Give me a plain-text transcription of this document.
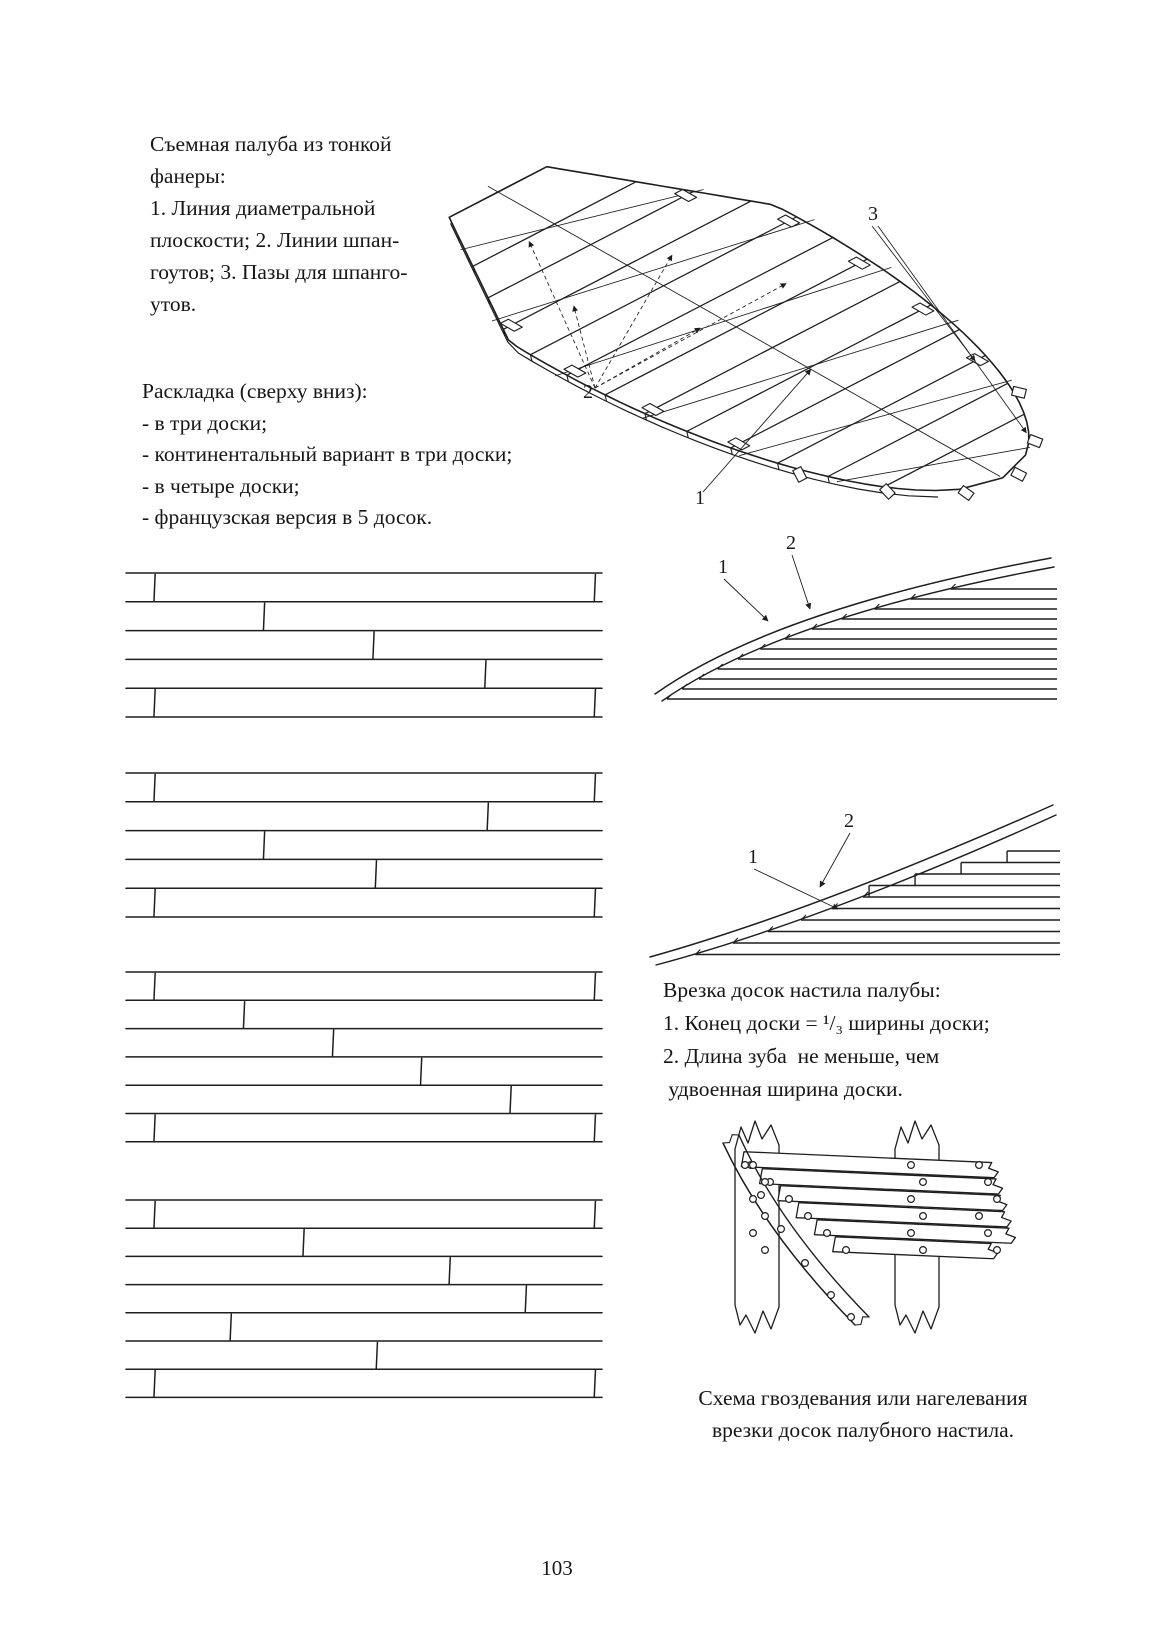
Съемная палуба из тонкой
фанеры:
1. Линия диаметральной
плоскости; 2. Линии шпан-
гоутов; 3. Пазы для шпанго-
утов.
1
2
3
Раскладка (сверху вниз):
- в три доски;
- континентальный вариант в три доски;
- в четыре доски;
- французская версия в 5 досок.
1
2
1
2
Врезка досок настила палубы:
1. Конец доски = ¹/₃ ширины доски;
2. Длина зуба  не меньше, чем
удвоенная ширина доски.
Схема гвоздевания или нагелевания
врезки досок палубного настила.
103
